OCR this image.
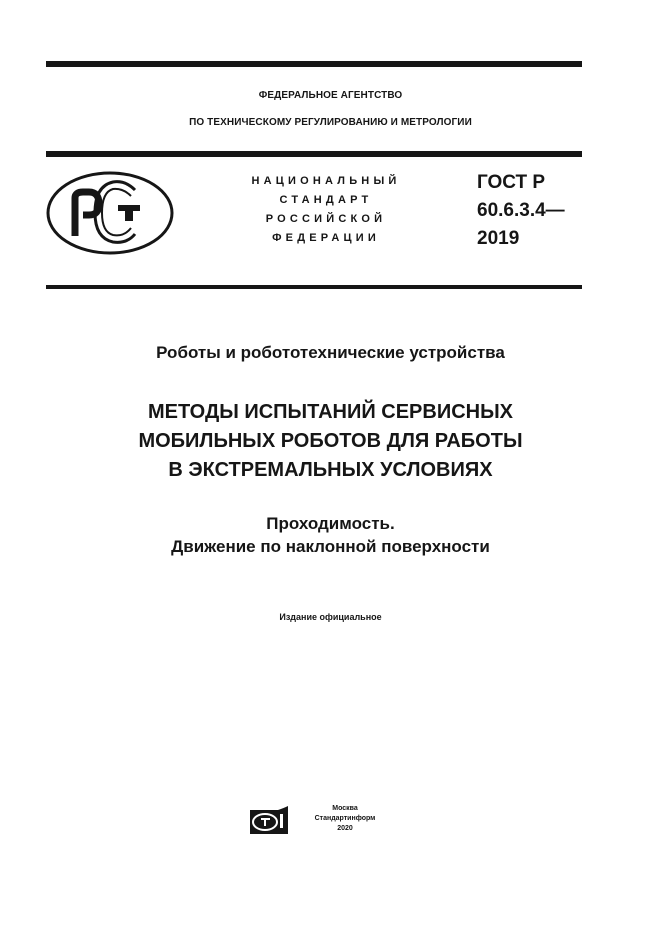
ФЕДЕРАЛЬНОЕ АГЕНТСТВО
ПО ТЕХНИЧЕСКОМУ РЕГУЛИРОВАНИЮ И МЕТРОЛОГИИ
НАЦИОНАЛЬНЫЙ
СТАНДАРТ
РОССИЙСКОЙ
ФЕДЕРАЦИИ
ГОСТ Р
60.6.3.4—
2019
Роботы и робототехнические устройства
МЕТОДЫ ИСПЫТАНИЙ СЕРВИСНЫХ
МОБИЛЬНЫХ РОБОТОВ ДЛЯ РАБОТЫ
В ЭКСТРЕМАЛЬНЫХ УСЛОВИЯХ
Проходимость.
Движение по наклонной поверхности
Издание официальное
Москва
Стандартинформ
2020
